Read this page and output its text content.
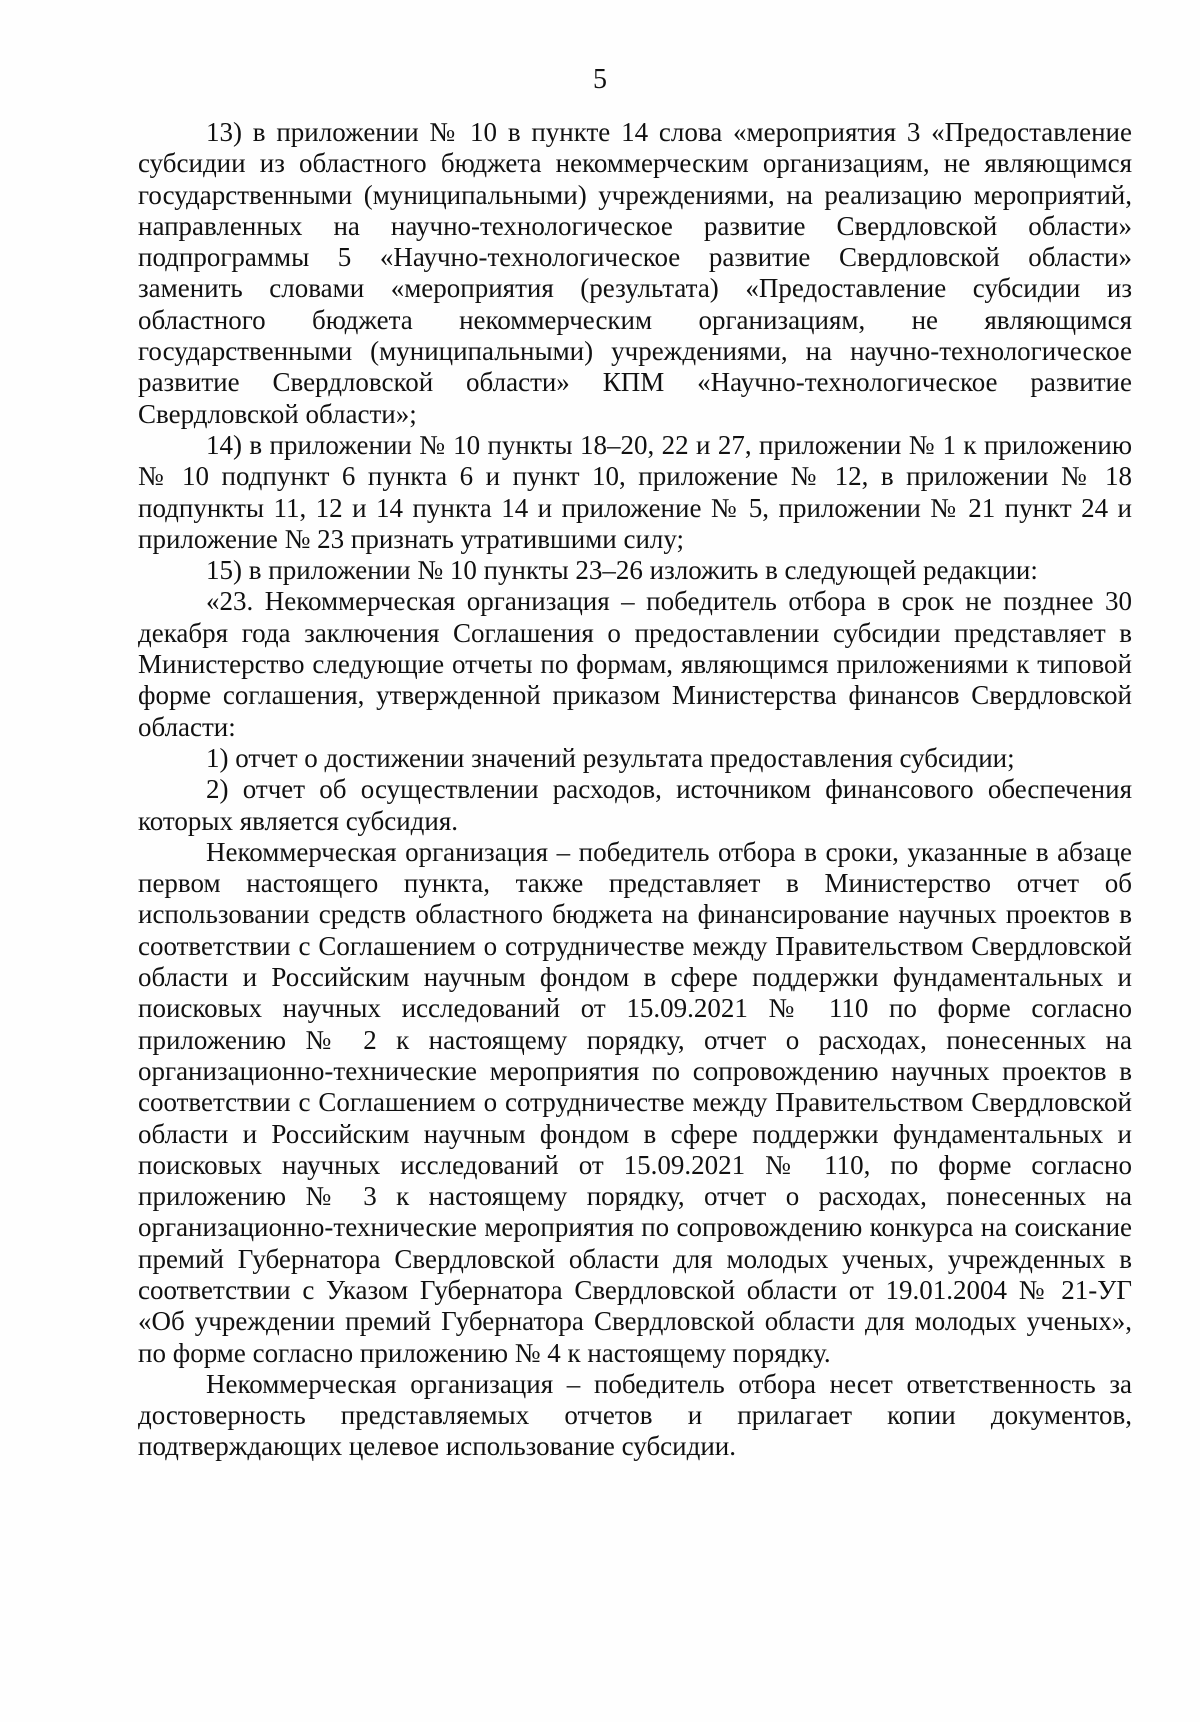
5

13) в приложении № 10 в пункте 14 слова «мероприятия 3 «Предоставление субсидии из областного бюджета некоммерческим организациям, не являющимся государственными (муниципальными) учреждениями, на реализацию мероприятий, направленных на научно-технологическое развитие Свердловской области» подпрограммы 5 «Научно-технологическое развитие Свердловской области» заменить словами «мероприятия (результата) «Предоставление субсидии из областного бюджета некоммерческим организациям, не являющимся государственными (муниципальными) учреждениями, на научно-технологическое развитие Свердловской области» КПМ «Научно-технологическое развитие Свердловской области»;

14) в приложении № 10 пункты 18–20, 22 и 27, приложении № 1 к приложению № 10 подпункт 6 пункта 6 и пункт 10, приложение № 12, в приложении № 18 подпункты 11, 12 и 14 пункта 14 и приложение № 5, приложении № 21 пункт 24 и приложение № 23 признать утратившими силу;

15) в приложении № 10 пункты 23–26 изложить в следующей редакции:

«23. Некоммерческая организация – победитель отбора в срок не позднее 30 декабря года заключения Соглашения о предоставлении субсидии представляет в Министерство следующие отчеты по формам, являющимся приложениями к типовой форме соглашения, утвержденной приказом Министерства финансов Свердловской области:

1) отчет о достижении значений результата предоставления субсидии;

2) отчет об осуществлении расходов, источником финансового обеспечения которых является субсидия.

Некоммерческая организация – победитель отбора в сроки, указанные в абзаце первом настоящего пункта, также представляет в Министерство отчет об использовании средств областного бюджета на финансирование научных проектов в соответствии с Соглашением о сотрудничестве между Правительством Свердловской области и Российским научным фондом в сфере поддержки фундаментальных и поисковых научных исследований от 15.09.2021 № 110 по форме согласно приложению № 2 к настоящему порядку, отчет о расходах, понесенных на организационно-технические мероприятия по сопровождению научных проектов в соответствии с Соглашением о сотрудничестве между Правительством Свердловской области и Российским научным фондом в сфере поддержки фундаментальных и поисковых научных исследований от 15.09.2021 № 110, по форме согласно приложению № 3 к настоящему порядку, отчет о расходах, понесенных на организационно-технические мероприятия по сопровождению конкурса на соискание премий Губернатора Свердловской области для молодых ученых, учрежденных в соответствии с Указом Губернатора Свердловской области от 19.01.2004 № 21-УГ «Об учреждении премий Губернатора Свердловской области для молодых ученых», по форме согласно приложению № 4 к настоящему порядку.

Некоммерческая организация – победитель отбора несет ответственность за достоверность представляемых отчетов и прилагает копии документов, подтверждающих целевое использование субсидии.
